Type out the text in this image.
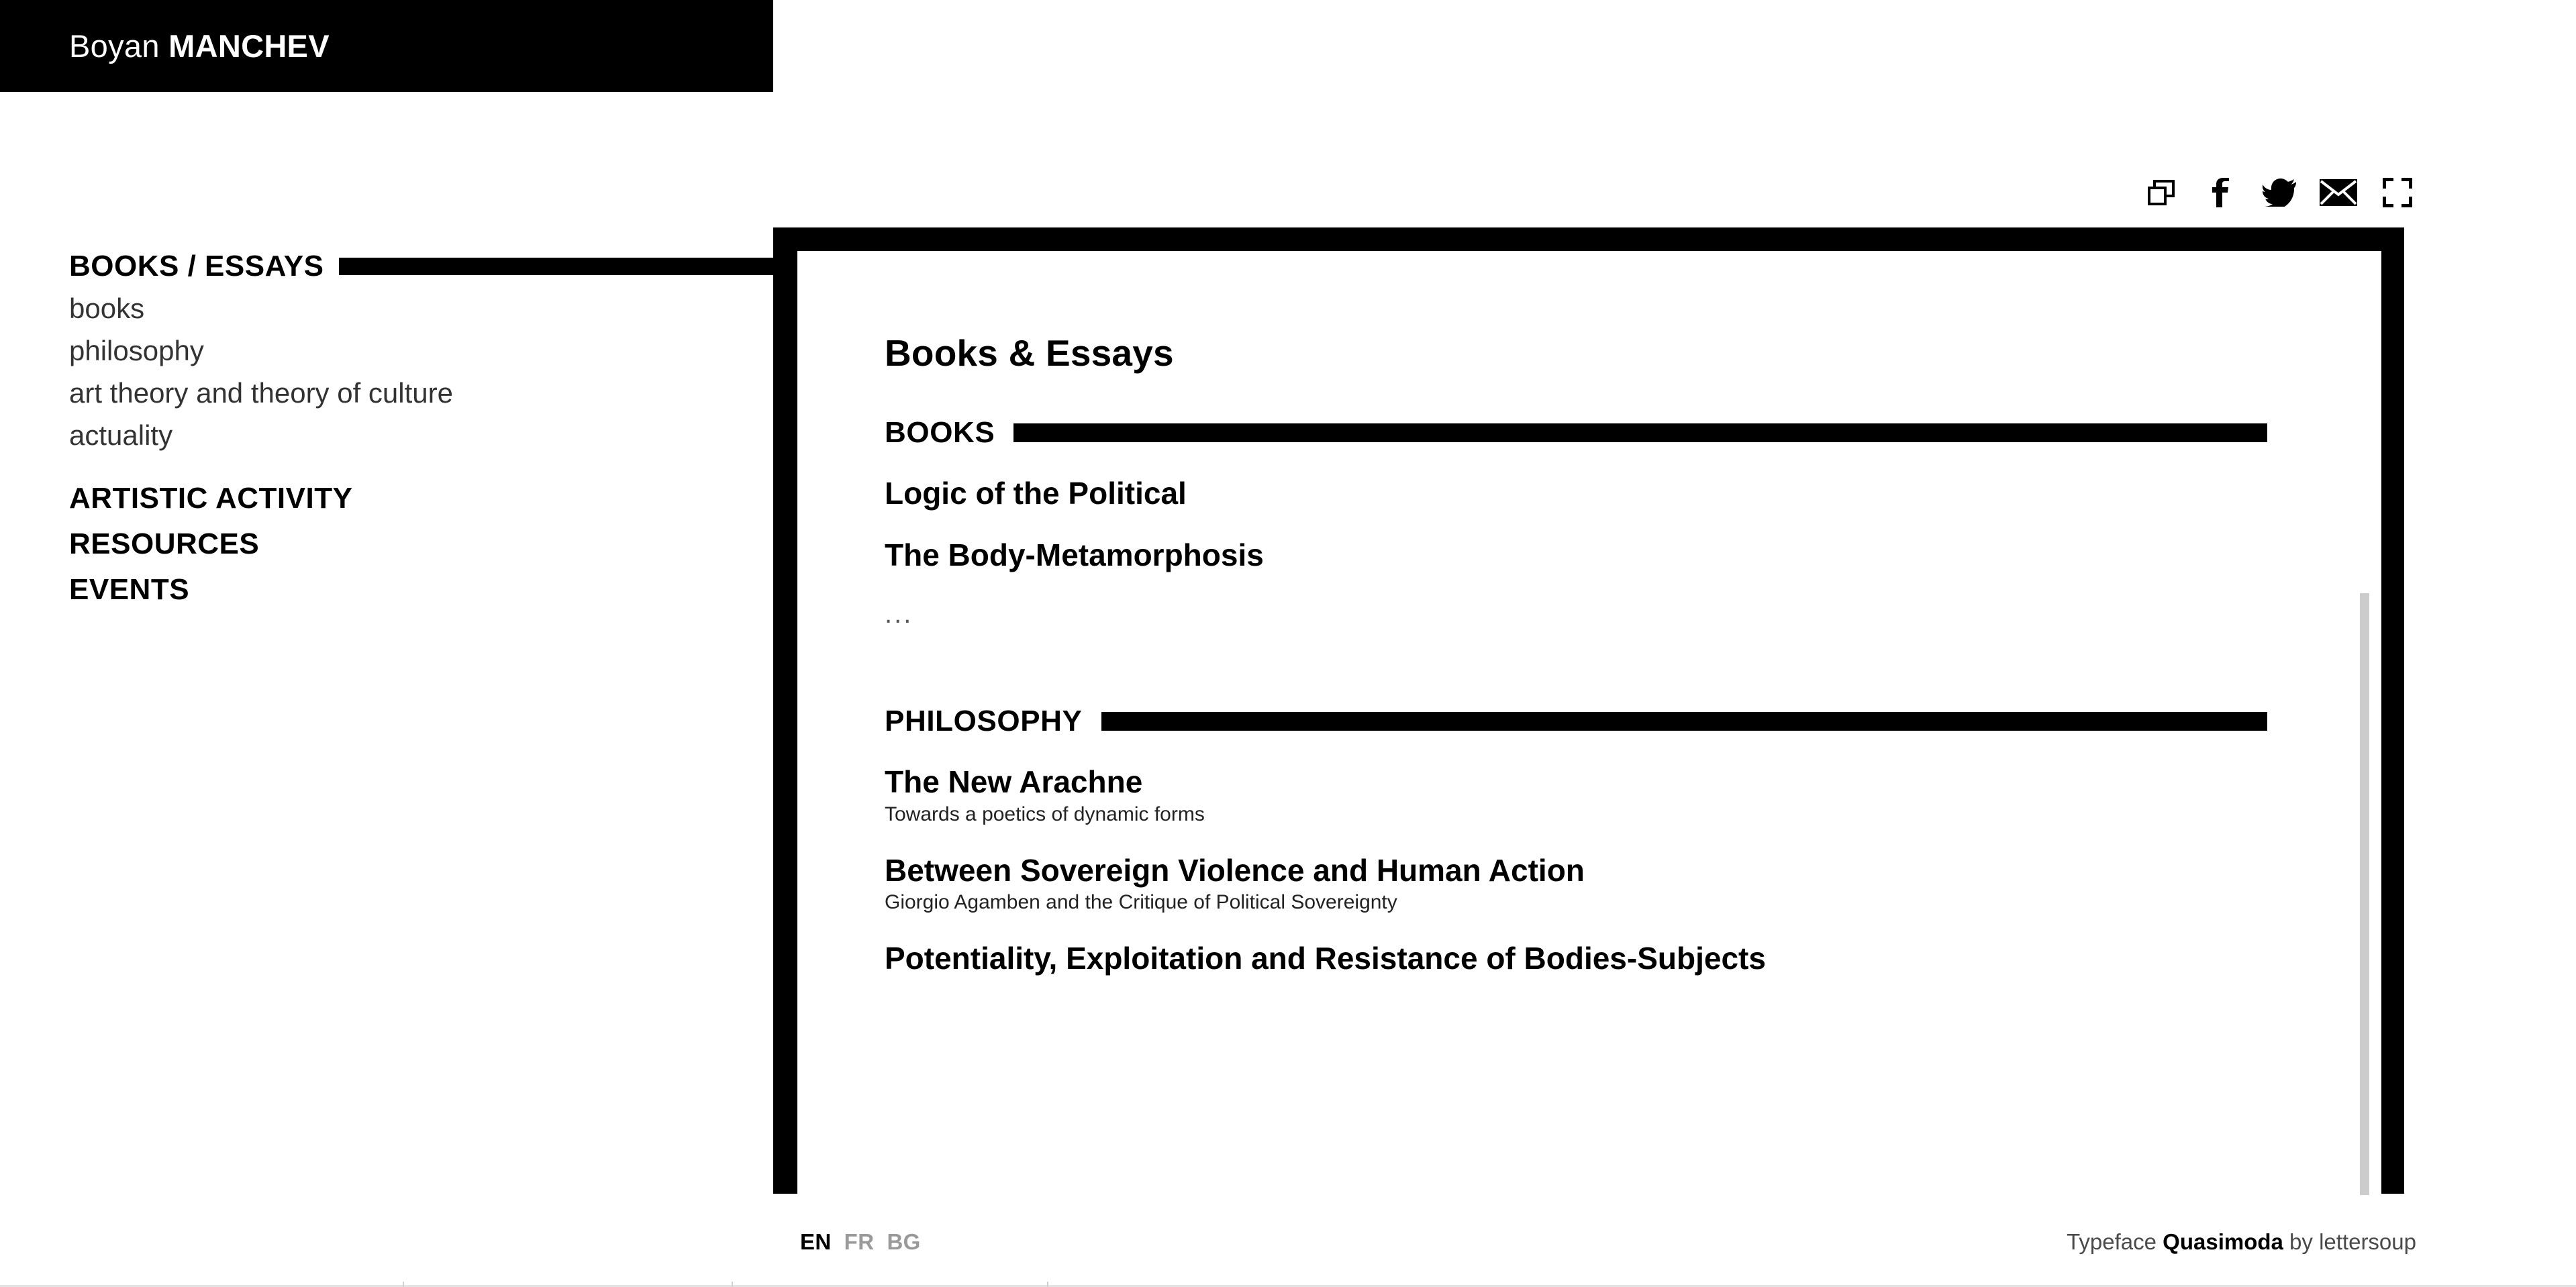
Boyan MANCHEV
BOOKS / ESSAYS
books
philosophy
art theory and theory of culture
actuality
ARTISTIC ACTIVITY
RESOURCES
EVENTS
Books & Essays
BOOKS
Logic of the Political
The Body-Metamorphosis
...
PHILOSOPHY
The New Arachne
Towards a poetics of dynamic forms
Between Sovereign Violence and Human Action
Giorgio Agamben and the Critique of Political Sovereignty
Potentiality, Exploitation and Resistance of Bodies-Subjects
EN FR BG	Typeface Quasimoda by lettersoup
